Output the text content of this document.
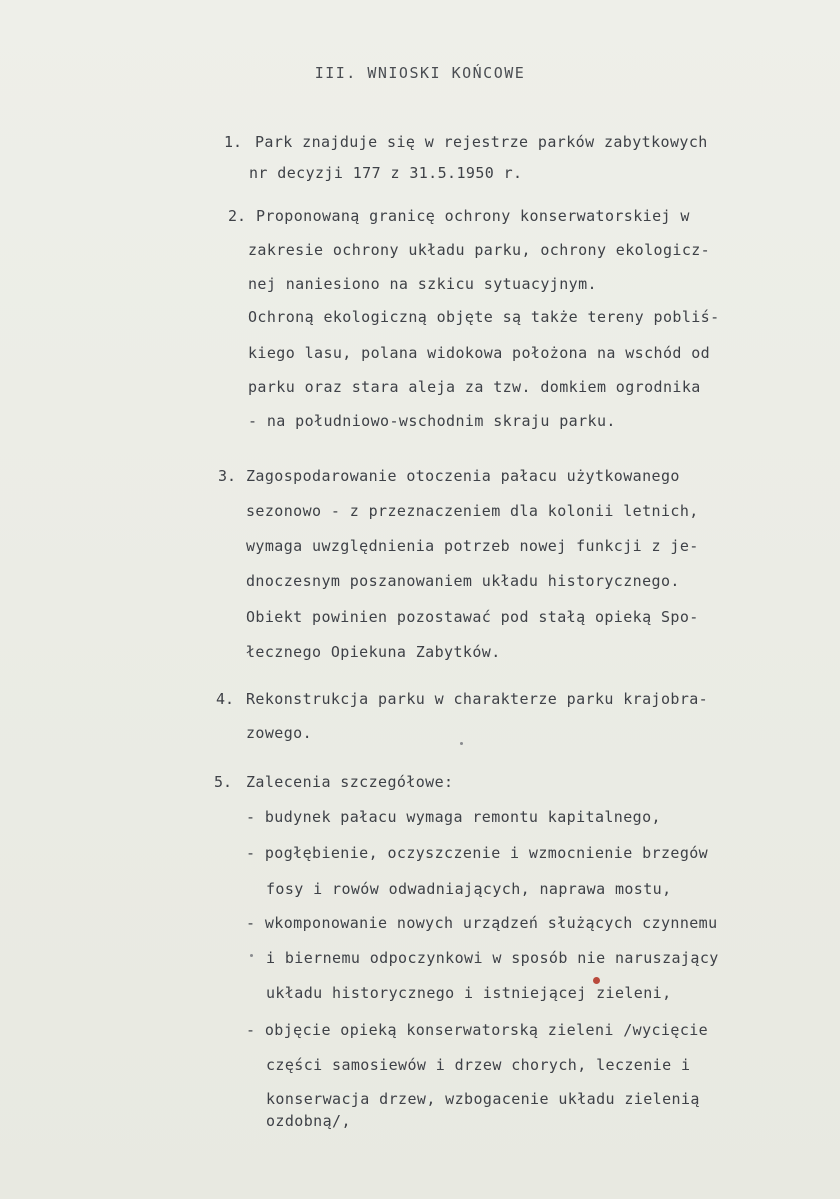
III. WNIOSKI KOŃCOWE
1. Park znajduje się w rejestrze parków zabytkowych
nr decyzji 177 z 31.5.1950 r.
2. Proponowaną granicę ochrony konserwatorskiej w
zakresie ochrony układu parku, ochrony ekologicz-
nej naniesiono na szkicu sytuacyjnym.
Ochroną ekologiczną objęte są także tereny pobliś-
kiego lasu, polana widokowa położona na wschód od
parku oraz stara aleja za tzw. domkiem ogrodnika
- na południowo-wschodnim skraju parku.
3. Zagospodarowanie otoczenia pałacu użytkowanego
sezonowo - z przeznaczeniem dla kolonii letnich,
wymaga uwzględnienia potrzeb nowej funkcji z je-
dnoczesnym poszanowaniem układu historycznego.
Obiekt powinien pozostawać pod stałą opieką Spo-
łecznego Opiekuna Zabytków.
4. Rekonstrukcja parku w charakterze parku krajobra-
zowego.
5. Zalecenia szczegółowe:
- budynek pałacu wymaga remontu kapitalnego,
- pogłębienie, oczyszczenie i wzmocnienie brzegów
fosy i rowów odwadniających, naprawa mostu,
- wkomponowanie nowych urządzeń służących czynnemu
i biernemu odpoczynkowi w sposób nie naruszający
układu historycznego i istniejącej zieleni,
- objęcie opieką konserwatorską zieleni /wycięcie
części samosiewów i drzew chorych, leczenie i
konserwacja drzew, wzbogacenie układu zielenią
ozdobną/,
